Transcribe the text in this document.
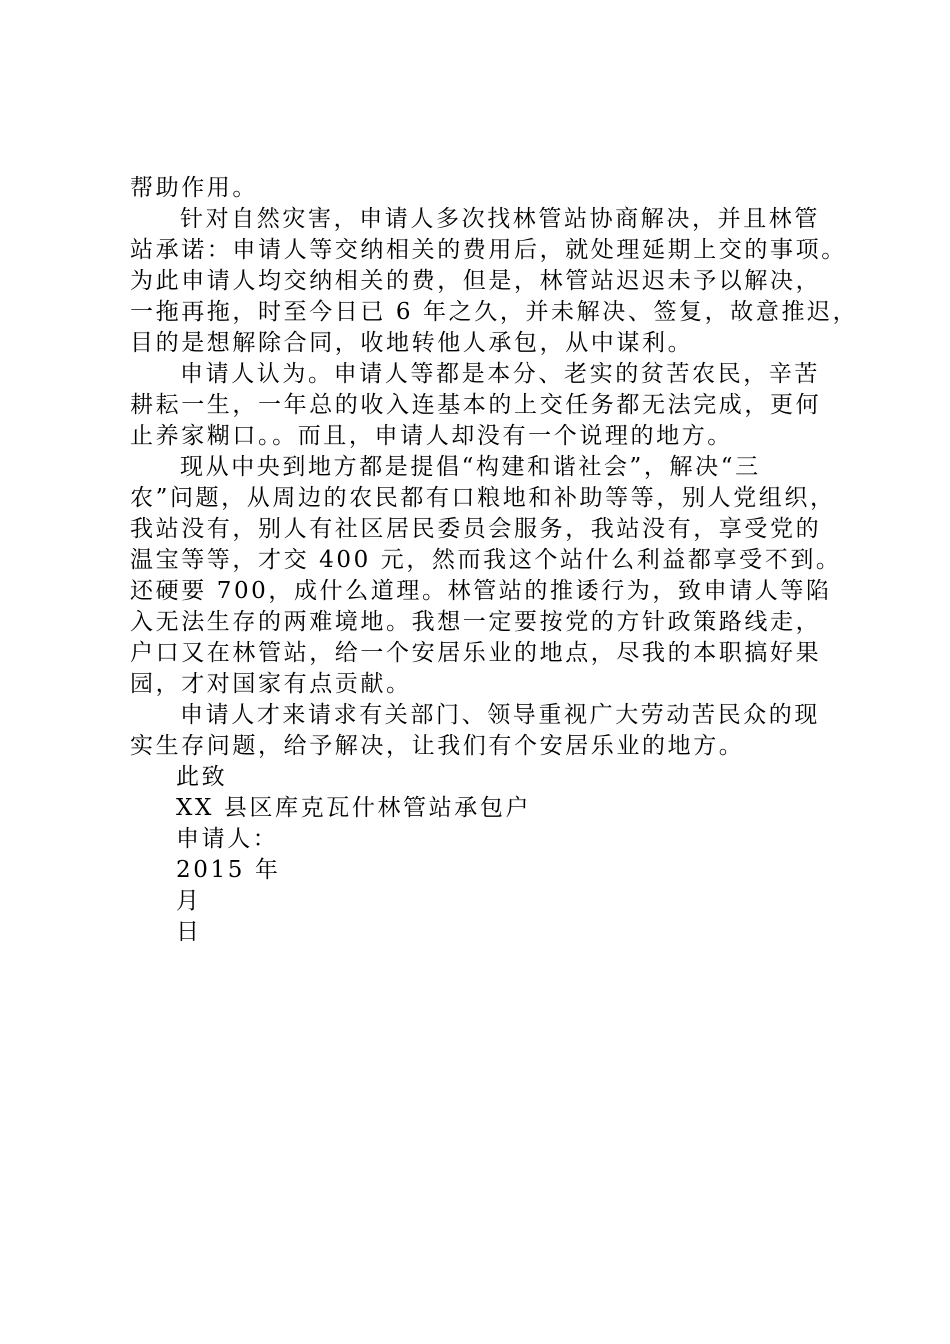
帮助作用。
针对自然灾害，申请人多次找林管站协商解决，并且林管
站承诺：申请人等交纳相关的费用后，就处理延期上交的事项。
为此申请人均交纳相关的费，但是，林管站迟迟未予以解决，
一拖再拖，时至今日已 6 年之久，并未解决、签复，故意推迟，
目的是想解除合同，收地转他人承包，从中谋利。
申请人认为。申请人等都是本分、老实的贫苦农民，辛苦
耕耘一生，一年总的收入连基本的上交任务都无法完成，更何
止养家糊口。。而且，申请人却没有一个说理的地方。
现从中央到地方都是提倡“构建和谐社会”，解决“三
农”问题，从周边的农民都有口粮地和补助等等，别人党组织，
我站没有，别人有社区居民委员会服务，我站没有，享受党的
温宝等等，才交 400 元，然而我这个站什么利益都享受不到。
还硬要 700，成什么道理。林管站的推诿行为，致申请人等陷
入无法生存的两难境地。我想一定要按党的方针政策路线走，
户口又在林管站，给一个安居乐业的地点，尽我的本职搞好果
园，才对国家有点贡献。
申请人才来请求有关部门、领导重视广大劳动苦民众的现
实生存问题，给予解决，让我们有个安居乐业的地方。
此致
XX 县区库克瓦什林管站承包户
申请人：
2015 年
月
日
